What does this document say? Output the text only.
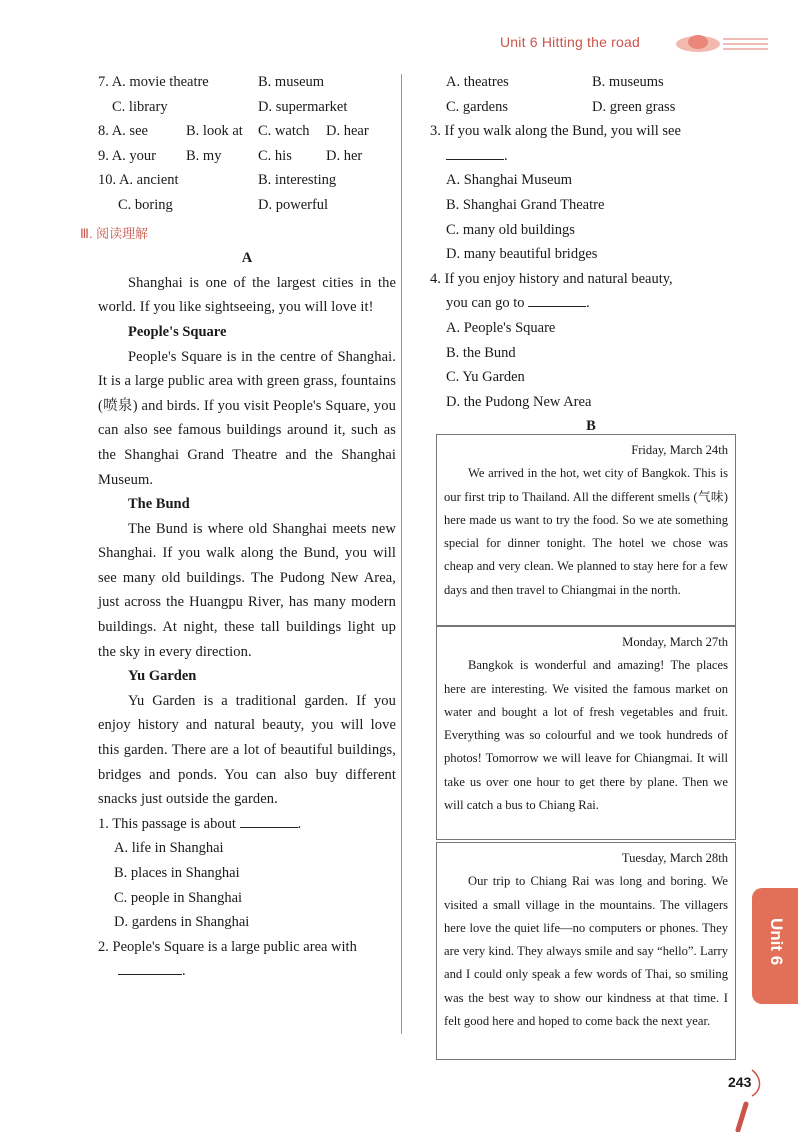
Unit 6 Hitting the road
7. A. movie theatre	B. museum
C. library	D. supermarket
8. A. see	B. look at	C. watch	D. hear
9. A. your	B. my	C. his	D. her
10. A. ancient	B. interesting
C. boring	D. powerful
Ⅲ. 阅读理解
A
Shanghai is one of the largest cities in the world. If you like sightseeing, you will love it!
People's Square
People's Square is in the centre of Shanghai. It is a large public area with green grass, fountains (喷泉) and birds. If you visit People's Square, you can also see famous buildings around it, such as the Shanghai Grand Theatre and the Shanghai Museum.
The Bund
The Bund is where old Shanghai meets new Shanghai. If you walk along the Bund, you will see many old buildings. The Pudong New Area, just across the Huangpu River, has many modern buildings. At night, these tall buildings light up the sky in every direction.
Yu Garden
Yu Garden is a traditional garden. If you enjoy history and natural beauty, you will love this garden. There are a lot of beautiful buildings, bridges and ponds. You can also buy different snacks just outside the garden.
1. This passage is about	.
A. life in Shanghai
B. places in Shanghai
C. people in Shanghai
D. gardens in Shanghai
2. People's Square is a large public area with
.
A. theatres	B. museums
C. gardens	D. green grass
3. If you walk along the Bund, you will see
.
A. Shanghai Museum
B. Shanghai Grand Theatre
C. many old buildings
D. many beautiful bridges
4. If you enjoy history and natural beauty,
you can go to	.
A. People's Square
B. the Bund
C. Yu Garden
D. the Pudong New Area
B
Friday, March 24th
We arrived in the hot, wet city of Bangkok. This is our first trip to Thailand. All the different smells (气味) here made us want to try the food. So we ate something special for dinner tonight. The hotel we chose was cheap and very clean. We planned to stay here for a few days and then travel to Chiangmai in the north.
Monday, March 27th
Bangkok is wonderful and amazing! The places here are interesting. We visited the famous market on water and bought a lot of fresh vegetables and fruit. Everything was so colourful and we took hundreds of photos! Tomorrow we will leave for Chiangmai. It will take us over one hour to get there by plane. Then we will catch a bus to Chiang Rai.
Tuesday, March 28th
Our trip to Chiang Rai was long and boring. We visited a small village in the mountains. The villagers here love the quiet life—no computers or phones. They are very kind. They always smile and say “hello”. Larry and I could only speak a few words of Thai, so smiling was the best way to show our kindness at that time. I felt good here and hoped to come back the next year.
Unit 6
243
